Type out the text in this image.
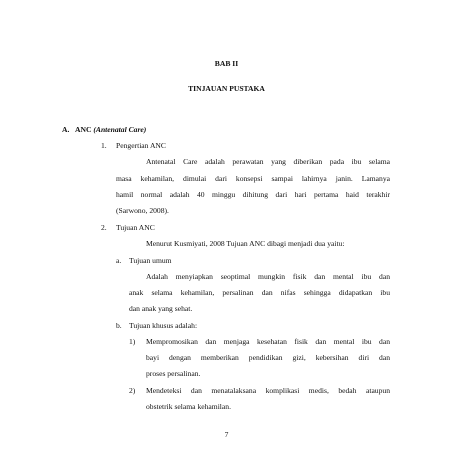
BAB II
TINJAUAN PUSTAKA
A. ANC (Antenatal Care)
1. Pengertian ANC
Antenatal Care adalah perawatan yang diberikan pada ibu selama
masa kehamilan, dimulai dari konsepsi sampai lahirnya janin. Lamanya
hamil normal adalah 40 minggu dihitung dari hari pertama haid terakhir
(Sarwono, 2008).
2. Tujuan ANC
Menurut Kusmiyati, 2008 Tujuan ANC dibagi menjadi dua yaitu:
a. Tujuan umum
Adalah menyiapkan seoptimal mungkin fisik dan mental ibu dan
anak selama kehamilan, persalinan dan nifas sehingga didapatkan ibu
dan anak yang sehat.
b. Tujuan khusus adalah:
1) Mempromosikan dan menjaga kesehatan fisik dan mental ibu dan
bayi dengan memberikan pendidikan gizi, kebersihan diri dan
proses persalinan.
2) Mendeteksi dan menatalaksana komplikasi medis, bedah ataupun
obstetrik selama kehamilan.
7
